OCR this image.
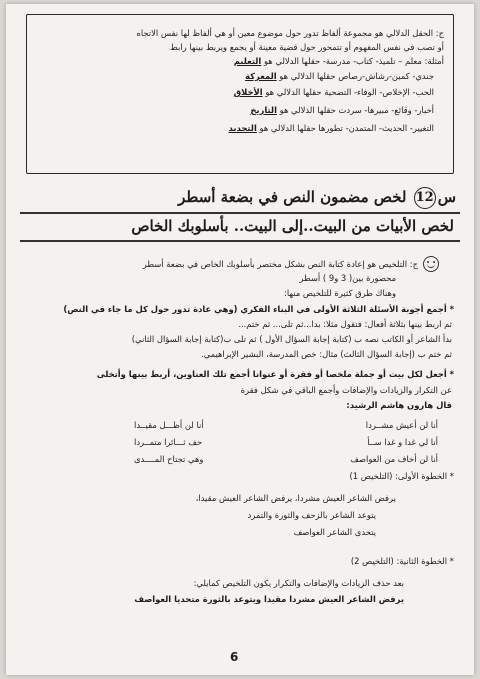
ج: الحقل الدلالي هو مجموعة ألفاظ تدور حول موضوع معين أو هي ألفاظ لها نفس الاتجاه
أو تصب في نفس المفهوم أو تتمحور حول قضية معينة أو يجمع ويربط بينها رابط
أمثلة: معلم – تلميذ- كتاب- مدرسة- حقلها الدلالي هو التعليم
جندي- كمين-رشاش-رصاص حقلها الدلالي هو المعركة
الحب- الإخلاص- الوفاء- التضحية حقلها الدلالي هو الأخلاق
أخبار- وقائع- مبيرها- سردت حقلها الدلالي هو التاريخ
التغيير- الحديث- المتمدن- تطورها حقلها الدلالي هو التجديد
س12 لخص مضمون النص في بضعة أسطر
لخص الأبيات من البيت..إلى البيت.. بأسلوبك الخاص
ج: التلخيص هو إعادة كتابة النص بشكل مختصر بأسلوبك الخاص في بضعة أسطر
محصورة بين( 3 و9 ) أسطر
وهناك طرق كثيرة للتلخيص منها:
* أجمع أجوبة الأسئلة الثلاثة الأولى في البناء الفكري (وهي عادة تدور حول كل ما جاء في النص)
ثم اربط بينها بثلاثة أفعال: فتقول مثلا: بدا...ثم تلى... ثم ختم...
بدأ الشاعر أو الكاتب نصه ب (كتابة إجابة السؤال الأول ) ثم تلى ب(كتابة إجابة السؤال الثاني)
ثم ختم ب (إجابة السؤال الثالث) مثال: خص المدرسة، البشير الإبراهيمي.
* أجعل لكل بيت أو جملة ملخصا أو فقرة أو عنوانا أجمع تلك العناوين، أربط بينها وأتخلى
عن التكرار والزيادات والإضافات وأجمع الباقي في شكل فقرة
قال هارون هاشم الرشيد:
أنا لن أعيش مشــردا
أنا لن أظـــل مقيــدا
أنا لي غدا و غدا ســأ
حف ثـــائرا متمــردا
أنا لن أخاف من العواصف
وهي تجتاح المــــدى
* الخطوة الأولى: (التلخيص 1)
يرفض الشاعر العيش مشردا، يرفض الشاعر العيش مقيدا،
يتوعد الشاعر بالزحف والثورة والتمرد
يتحدى الشاعر العواصف
* الخطوة الثانية: (التلخيص 2)
بعد حذف الزيادات والإضافات والتكرار يكون التلخيص كمايلي:
يرفض الشاعر العيش مشردا مقيدا ويتوعد بالثورة متحديا العواصف
6
